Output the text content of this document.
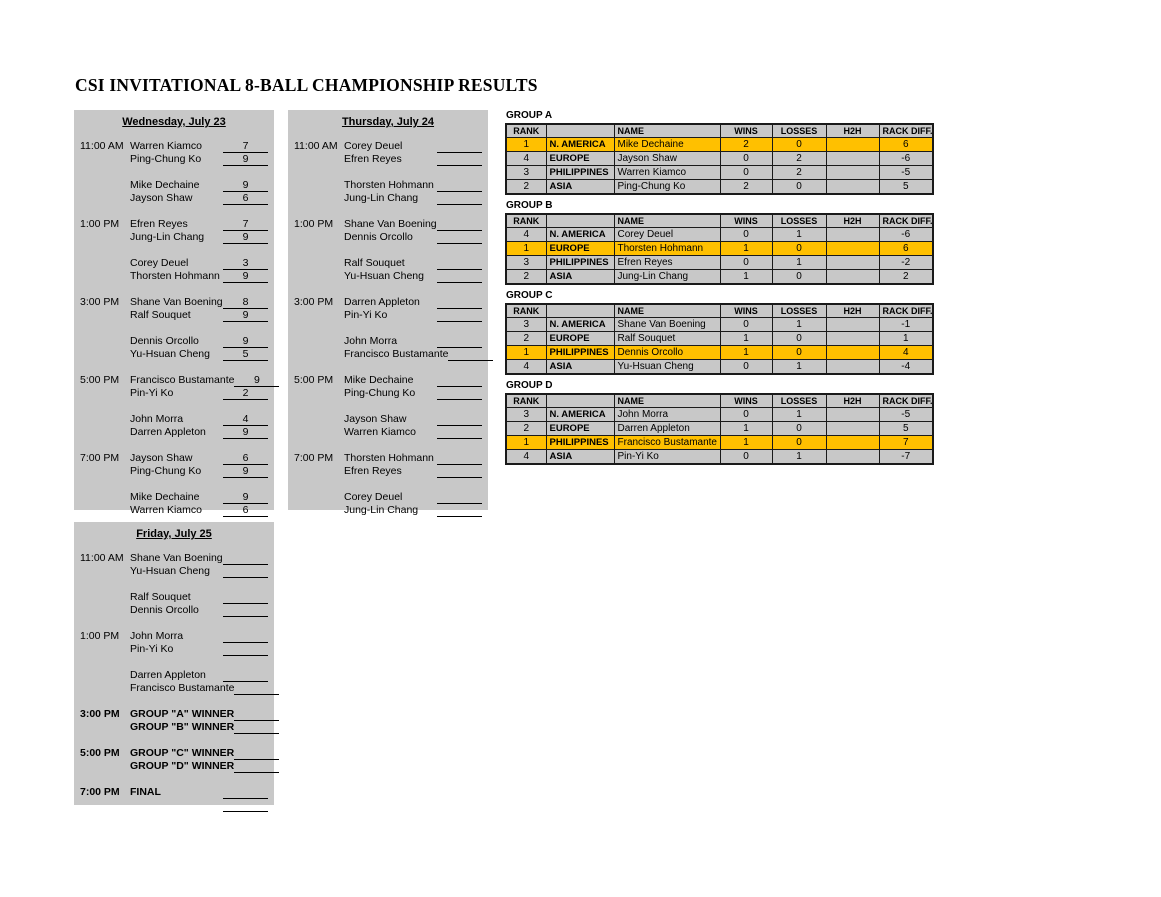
CSI INVITATIONAL 8-BALL CHAMPIONSHIP RESULTS
Wednesday, July 23
11:00 AM Warren Kiamco	7
Ping-Chung Ko	9
Mike Dechaine	9
Jayson Shaw	6
1:00 PM	Efren Reyes	7
Jung-Lin Chang	9
Corey Deuel	3
Thorsten Hohmann	9
3:00 PM	Shane Van Boening	8
Ralf Souquet	9
Dennis Orcollo	9
Yu-Hsuan Cheng	5
5:00 PM	Francisco Bustamante	9
Pin-Yi Ko	2
John Morra	4
Darren Appleton	9
7:00 PM	Jayson Shaw	6
Ping-Chung Ko	9
Mike Dechaine	9
Warren Kiamco	6
Thursday, July 24
11:00 AM Corey Deuel
Efren Reyes
Thorsten Hohmann
Jung-Lin Chang
1:00 PM	Shane Van Boening
Dennis Orcollo
Ralf Souquet
Yu-Hsuan Cheng
3:00 PM	Darren Appleton
Pin-Yi Ko
John Morra
Francisco Bustamante
5:00 PM	Mike Dechaine
Ping-Chung Ko
Jayson Shaw
Warren Kiamco
7:00 PM	Thorsten Hohmann
Efren Reyes
Corey Deuel
Jung-Lin Chang
Friday, July 25
11:00 AM Shane Van Boening
Yu-Hsuan Cheng
Ralf Souquet
Dennis Orcollo
1:00 PM	John Morra
Pin-Yi Ko
Darren Appleton
Francisco Bustamante
3:00 PM GROUP "A" WINNER
GROUP "B" WINNER
5:00 PM GROUP "C" WINNER
GROUP "D" WINNER
7:00 PM FINAL
GROUP A
RANK		NAME	WINS	LOSSES	H2H	RACK DIFF.
1	N. AMERICA	Mike Dechaine	2	0		6
4	EUROPE	Jayson Shaw	0	2		-6
3	PHILIPPINES	Warren Kiamco	0	2		-5
2	ASIA	Ping-Chung Ko	2	0		5
GROUP B
RANK		NAME	WINS	LOSSES	H2H	RACK DIFF.
4	N. AMERICA	Corey Deuel	0	1		-6
1	EUROPE	Thorsten Hohmann	1	0		6
3	PHILIPPINES	Efren Reyes	0	1		-2
2	ASIA	Jung-Lin Chang	1	0		2
GROUP C
RANK		NAME	WINS	LOSSES	H2H	RACK DIFF.
3	N. AMERICA	Shane Van Boening	0	1		-1
2	EUROPE	Ralf Souquet	1	0		1
1	PHILIPPINES	Dennis Orcollo	1	0		4
4	ASIA	Yu-Hsuan Cheng	0	1		-4
GROUP D
RANK		NAME	WINS	LOSSES	H2H	RACK DIFF.
3	N. AMERICA	John Morra	0	1		-5
2	EUROPE	Darren Appleton	1	0		5
1	PHILIPPINES	Francisco Bustamante	1	0		7
4	ASIA	Pin-Yi Ko	0	1		-7
